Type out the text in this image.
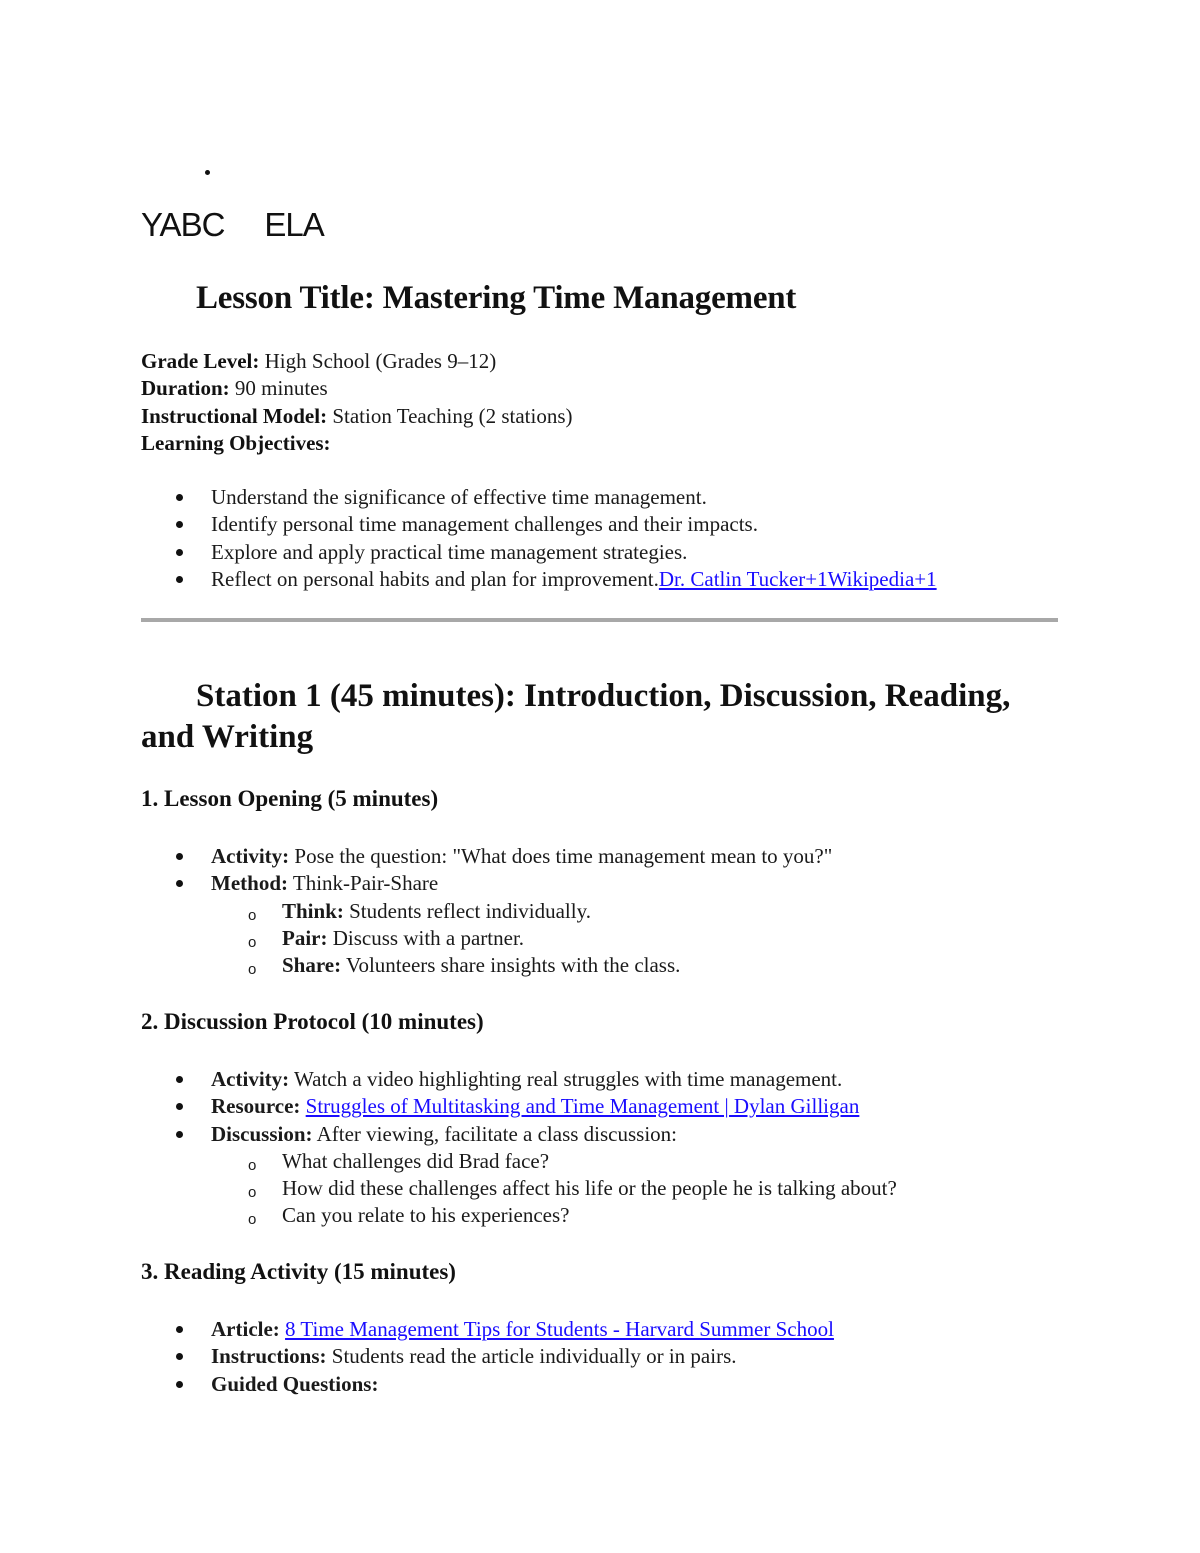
YABC ELA
Lesson Title: Mastering Time Management
Grade Level: High School (Grades 9–12)
Duration: 90 minutes
Instructional Model: Station Teaching (2 stations)
Learning Objectives:
Understand the significance of effective time management.
Identify personal time management challenges and their impacts.
Explore and apply practical time management strategies.
Reflect on personal habits and plan for improvement.Dr. Catlin Tucker+1Wikipedia+1
Station 1 (45 minutes): Introduction, Discussion, Reading, and Writing
1. Lesson Opening (5 minutes)
Activity: Pose the question: "What does time management mean to you?"
Method: Think-Pair-Share
o Think: Students reflect individually.
o Pair: Discuss with a partner.
o Share: Volunteers share insights with the class.
2. Discussion Protocol (10 minutes)
Activity: Watch a video highlighting real struggles with time management.
Resource: Struggles of Multitasking and Time Management | Dylan Gilligan
Discussion: After viewing, facilitate a class discussion:
o What challenges did Brad face?
o How did these challenges affect his life or the people he is talking about?
o Can you relate to his experiences?
3. Reading Activity (15 minutes)
Article: 8 Time Management Tips for Students - Harvard Summer School
Instructions: Students read the article individually or in pairs.
Guided Questions:
